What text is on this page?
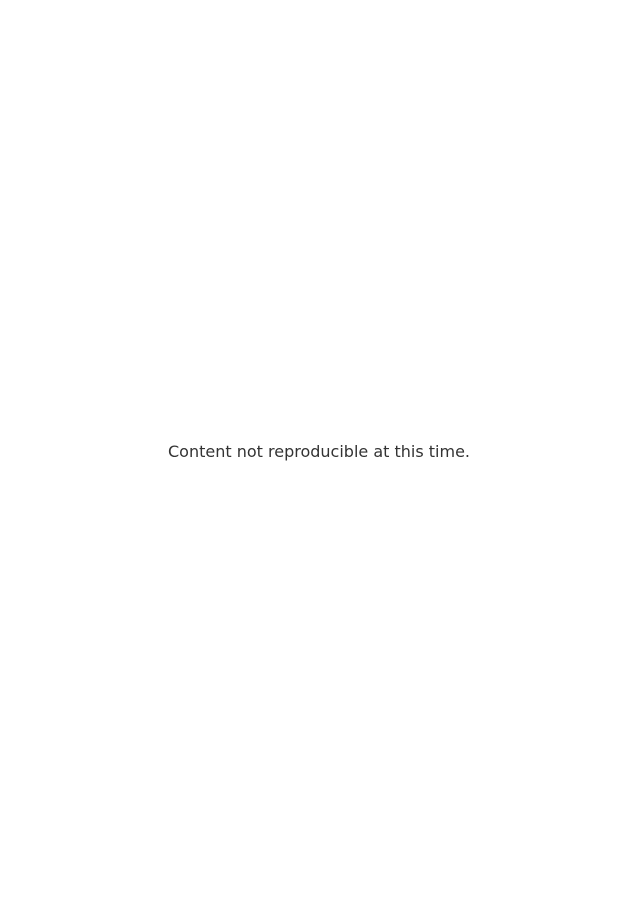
Content not reproducible at this time.
